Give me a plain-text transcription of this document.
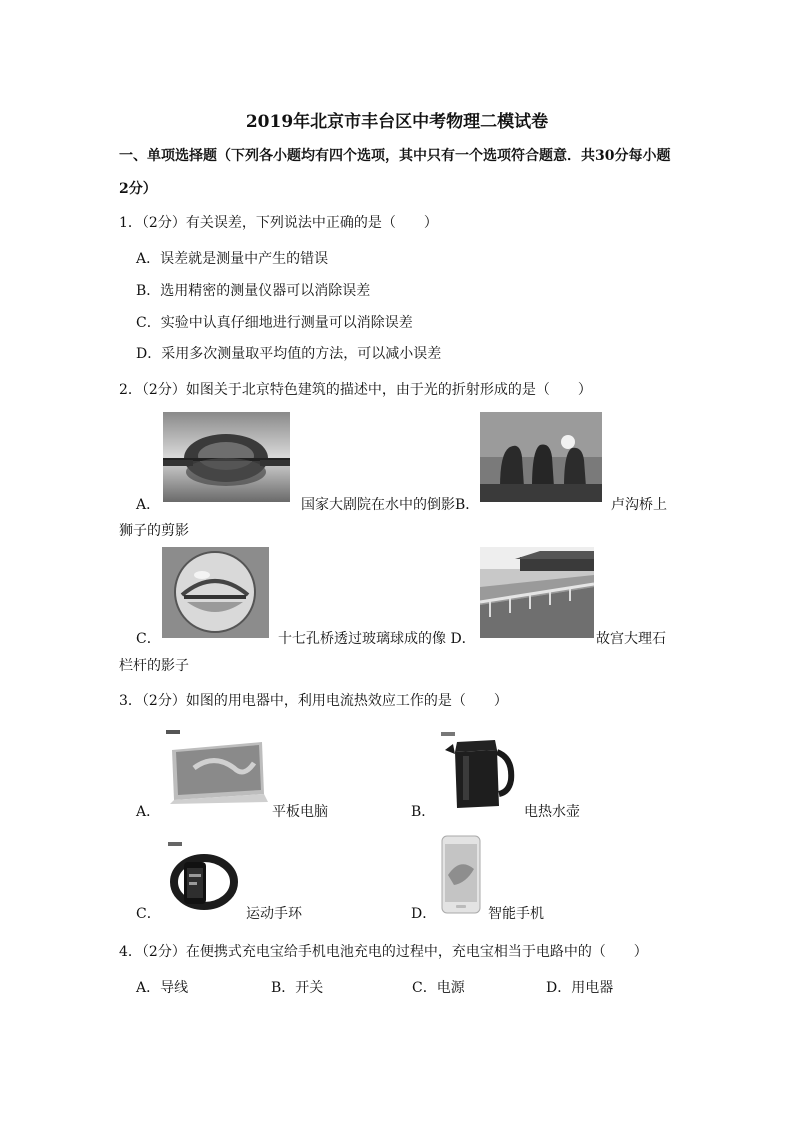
2019年北京市丰台区中考物理二模试卷
一、单项选择题（下列各小题均有四个选项，其中只有一个选项符合题意．共30分每小题
2分）
1．（2分）有关误差，下列说法中正确的是（　　）
A．误差就是测量中产生的错误
B．选用精密的测量仪器可以消除误差
C．实验中认真仔细地进行测量可以消除误差
D．采用多次测量取平均值的方法，可以减小误差
2．（2分）如图关于北京特色建筑的描述中，由于光的折射形成的是（　　）
A．	国家大剧院在水中的倒影B．	卢沟桥上
狮子的剪影
C．	十七孔桥透过玻璃球成的像 D．	故宫大理石
栏杆的影子
3．（2分）如图的用电器中，利用电流热效应工作的是（　　）
A．	平板电脑	B．	电热水壶
C．	运动手环	D．	智能手机
4．（2分）在便携式充电宝给手机电池充电的过程中，充电宝相当于电路中的（　　）
A．导线	B．开关	C．电源	D．用电器
